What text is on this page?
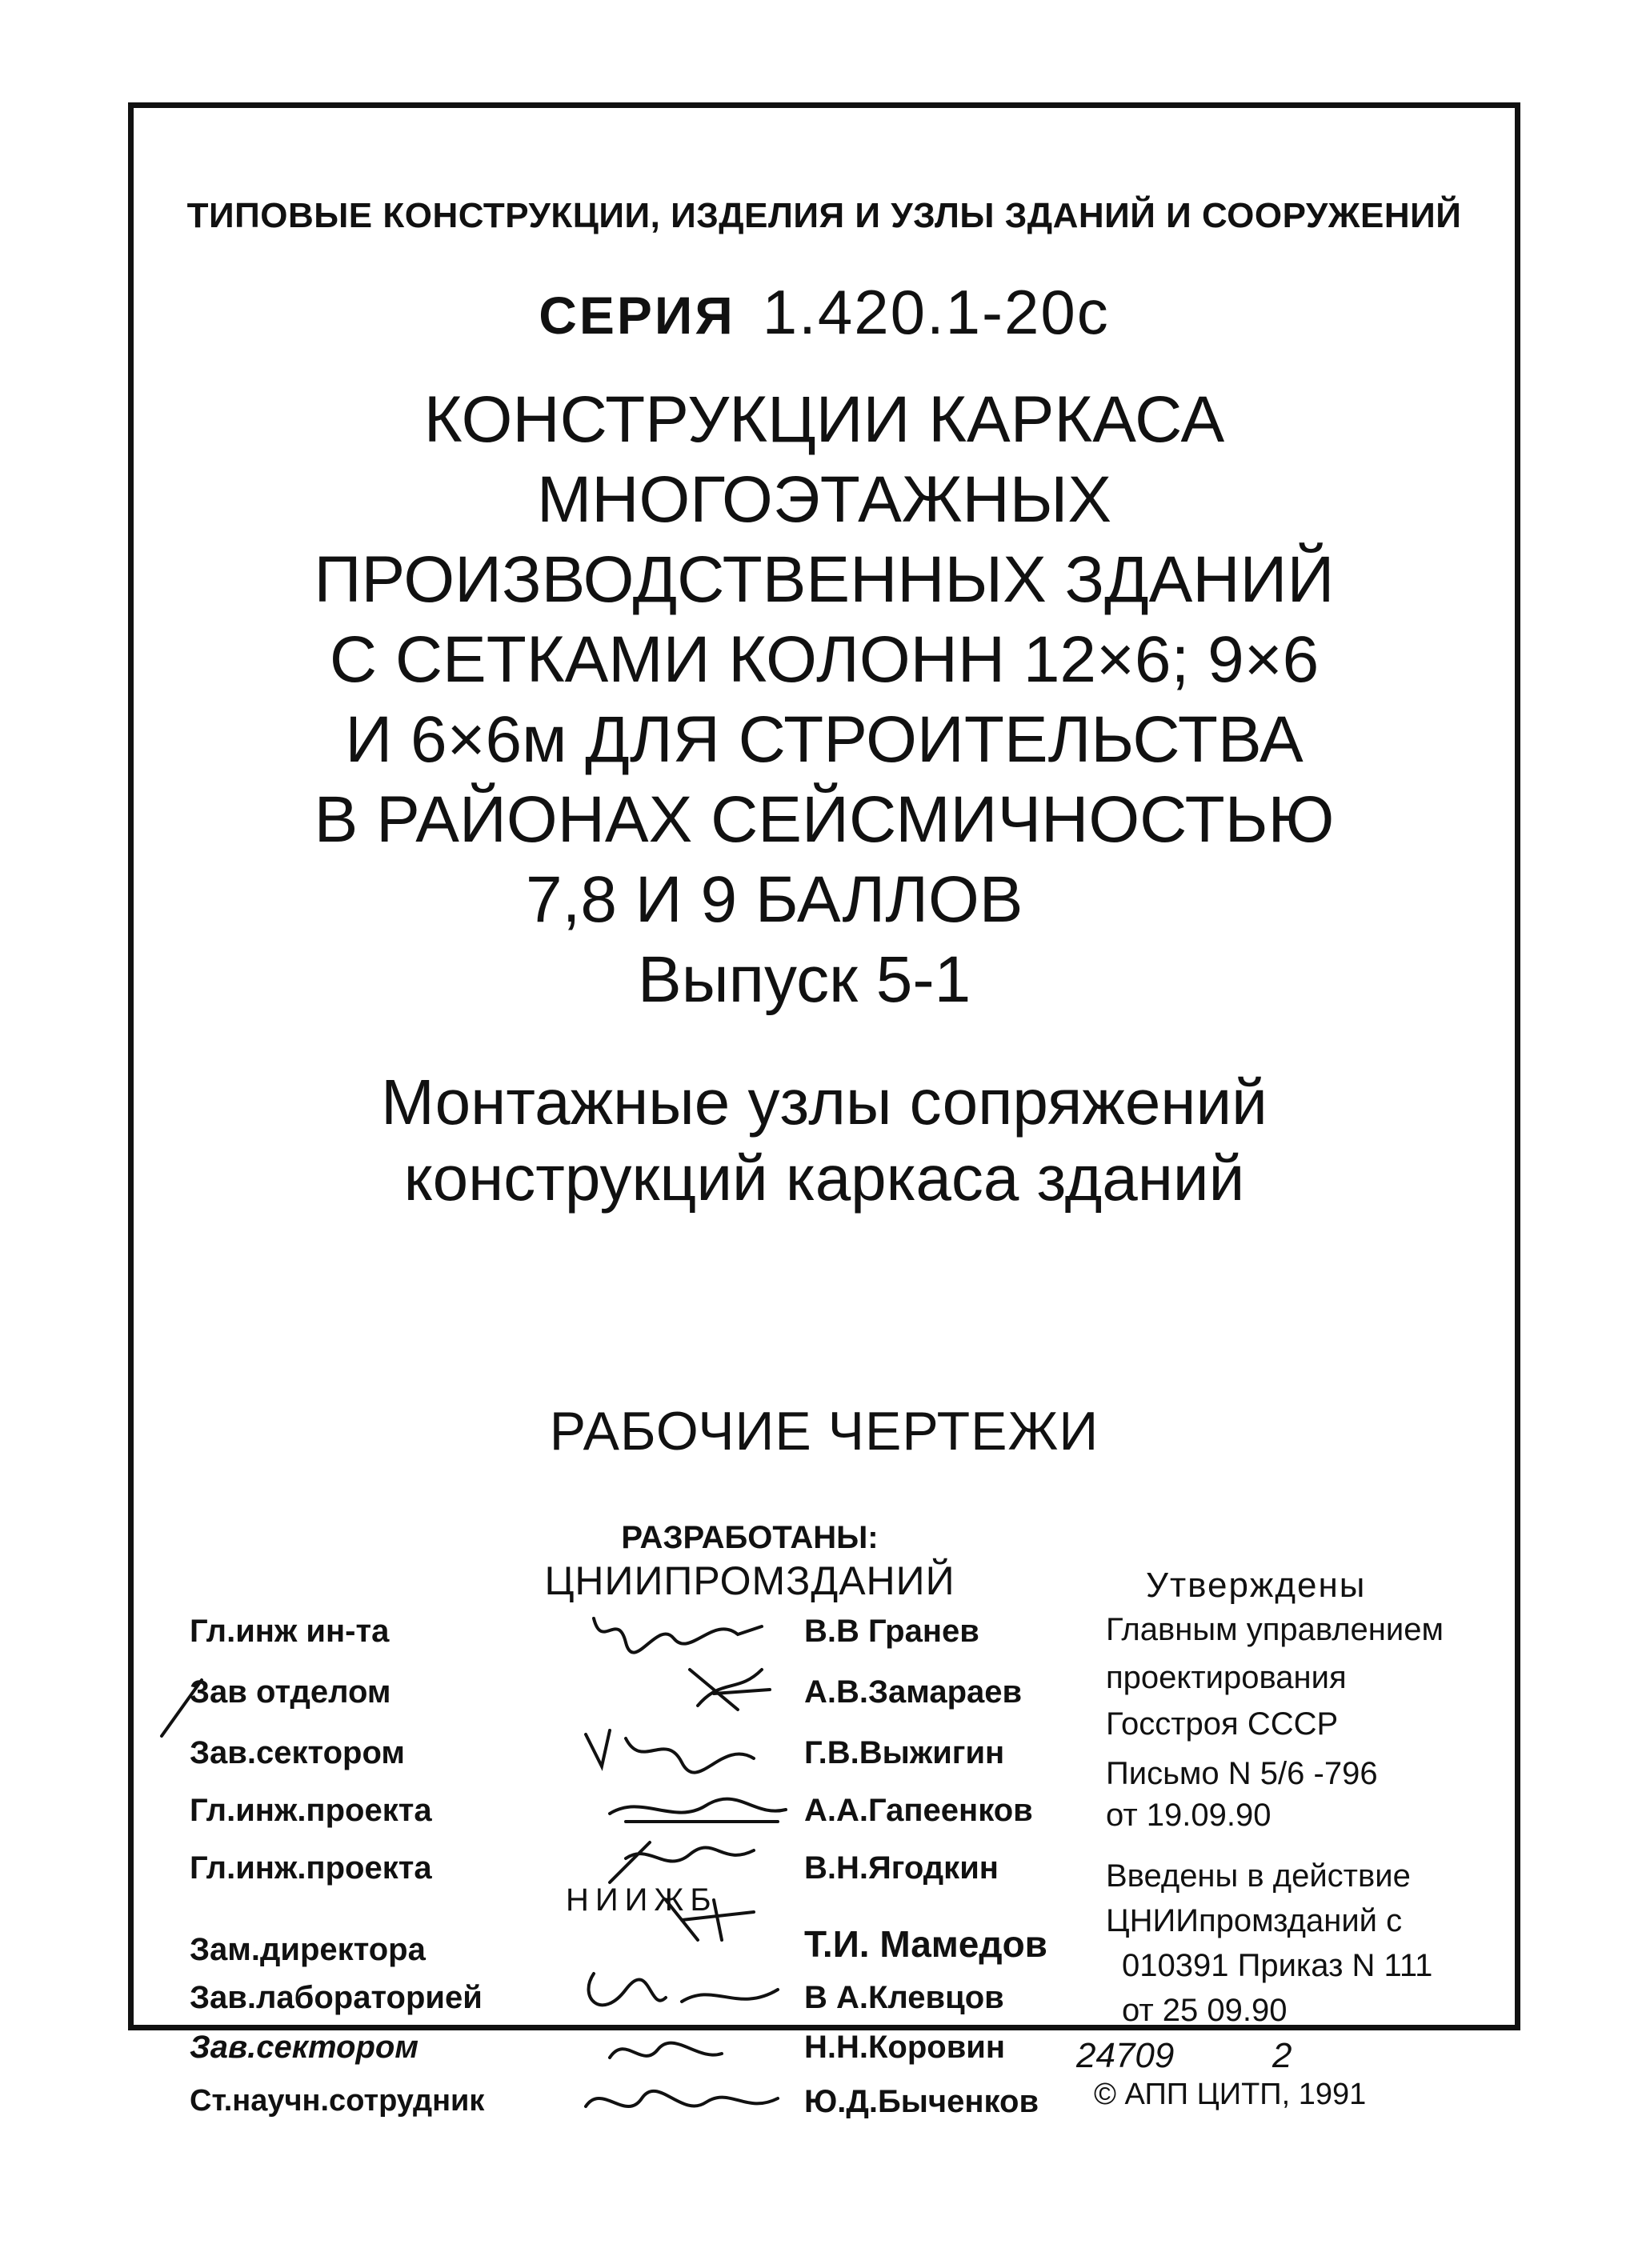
ТИПОВЫЕ КОНСТРУКЦИИ, ИЗДЕЛИЯ И УЗЛЫ ЗДАНИЙ И СООРУЖЕНИЙ
СЕРИЯ 1.420.1-20с
КОНСТРУКЦИИ КАРКАСА
МНОГОЭТАЖНЫХ
ПРОИЗВОДСТВЕННЫХ ЗДАНИЙ
С СЕТКАМИ КОЛОНН 12×6; 9×6
И 6×6м ДЛЯ СТРОИТЕЛЬСТВА
В РАЙОНАХ СЕЙСМИЧНОСТЬЮ
7,8 И 9 БАЛЛОВ
Выпуск 5-1
Монтажные узлы сопряжений
конструкций каркаса зданий
РАБОЧИЕ ЧЕРТЕЖИ
РАЗРАБОТАНЫ:
ЦНИИПРОМЗДАНИЙ
Гл.инж ин-та	В.В Гранев
Зав отделом	А.В.Замараев
Зав.сектором	Г.В.Выжигин
Гл.инж.проекта	А.А.Гапеенков
Гл.инж.проекта	В.Н.Ягодкин
НИИЖБ
Зам.директора	Т.И. Мамедов
Зав.лабораторией	В А.Клевцов
Зав.сектором	Н.Н.Коровин
Ст.научн.сотрудник	Ю.Д.Быченков
Утверждены
Главным управлением
проектирования
Госстроя СССР
Письмо N 5/6 -796
от 19.09.90
Введены в действие
ЦНИИпромзданий с
010391 Приказ N 111
от 25 09.90
© АПП ЦИТП, 1991
24709	2
